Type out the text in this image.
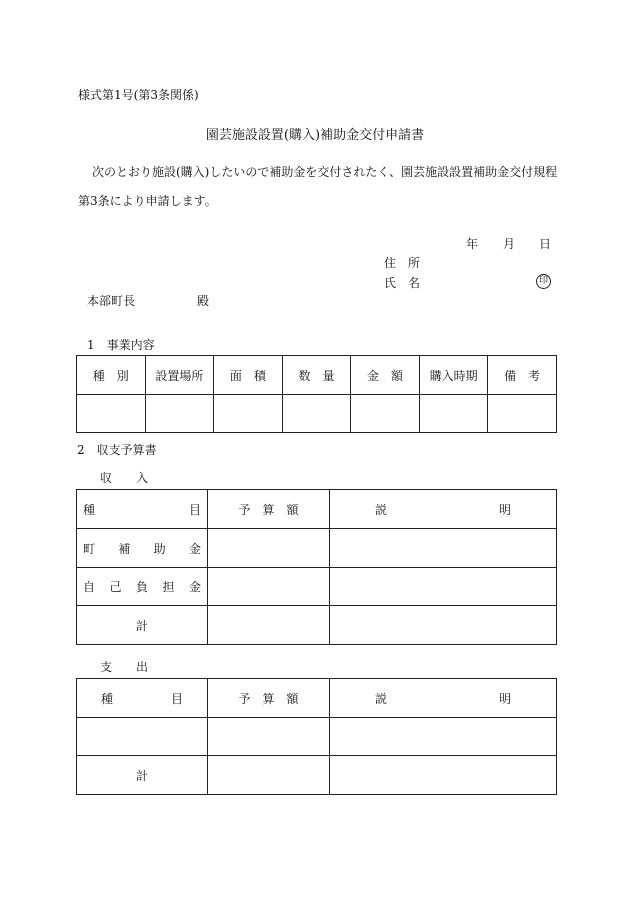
様式第1号(第3条関係)
園芸施設設置(購入)補助金交付申請書
次のとおり施設(購入)したいので補助金を交付されたく、園芸施設設置補助金交付規程
第3条により申請します。
年 月 日
住　所
氏　名	印
本部町長	殿
1　事業内容
種　別	設置場所	面　積	数　量	金　額	購入時期	備　考

2　収支予算書
収　　入
種 目	予　算　額	説 明

町 補 助 金		

自 己 負 担 金		

計		
支　　出
種 目	予　算　額	説 明

計		
